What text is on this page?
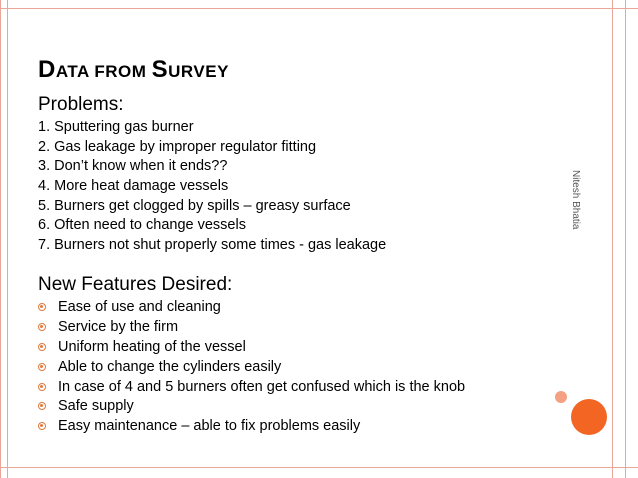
DATA FROM SURVEY
Problems:
1. Sputtering gas burner
2. Gas leakage by improper regulator fitting
3. Don’t know when it ends??
4. More heat damage vessels
5. Burners get clogged by spills – greasy surface
6. Often need to change vessels
7. Burners not shut properly some times - gas leakage
New Features Desired:
Ease of use and cleaning
Service by the firm
Uniform heating of the vessel
Able to change the cylinders easily
In case of 4 and 5 burners often get confused which is the knob
Safe supply
Easy maintenance – able to fix problems easily
Nitesh Bhatia
